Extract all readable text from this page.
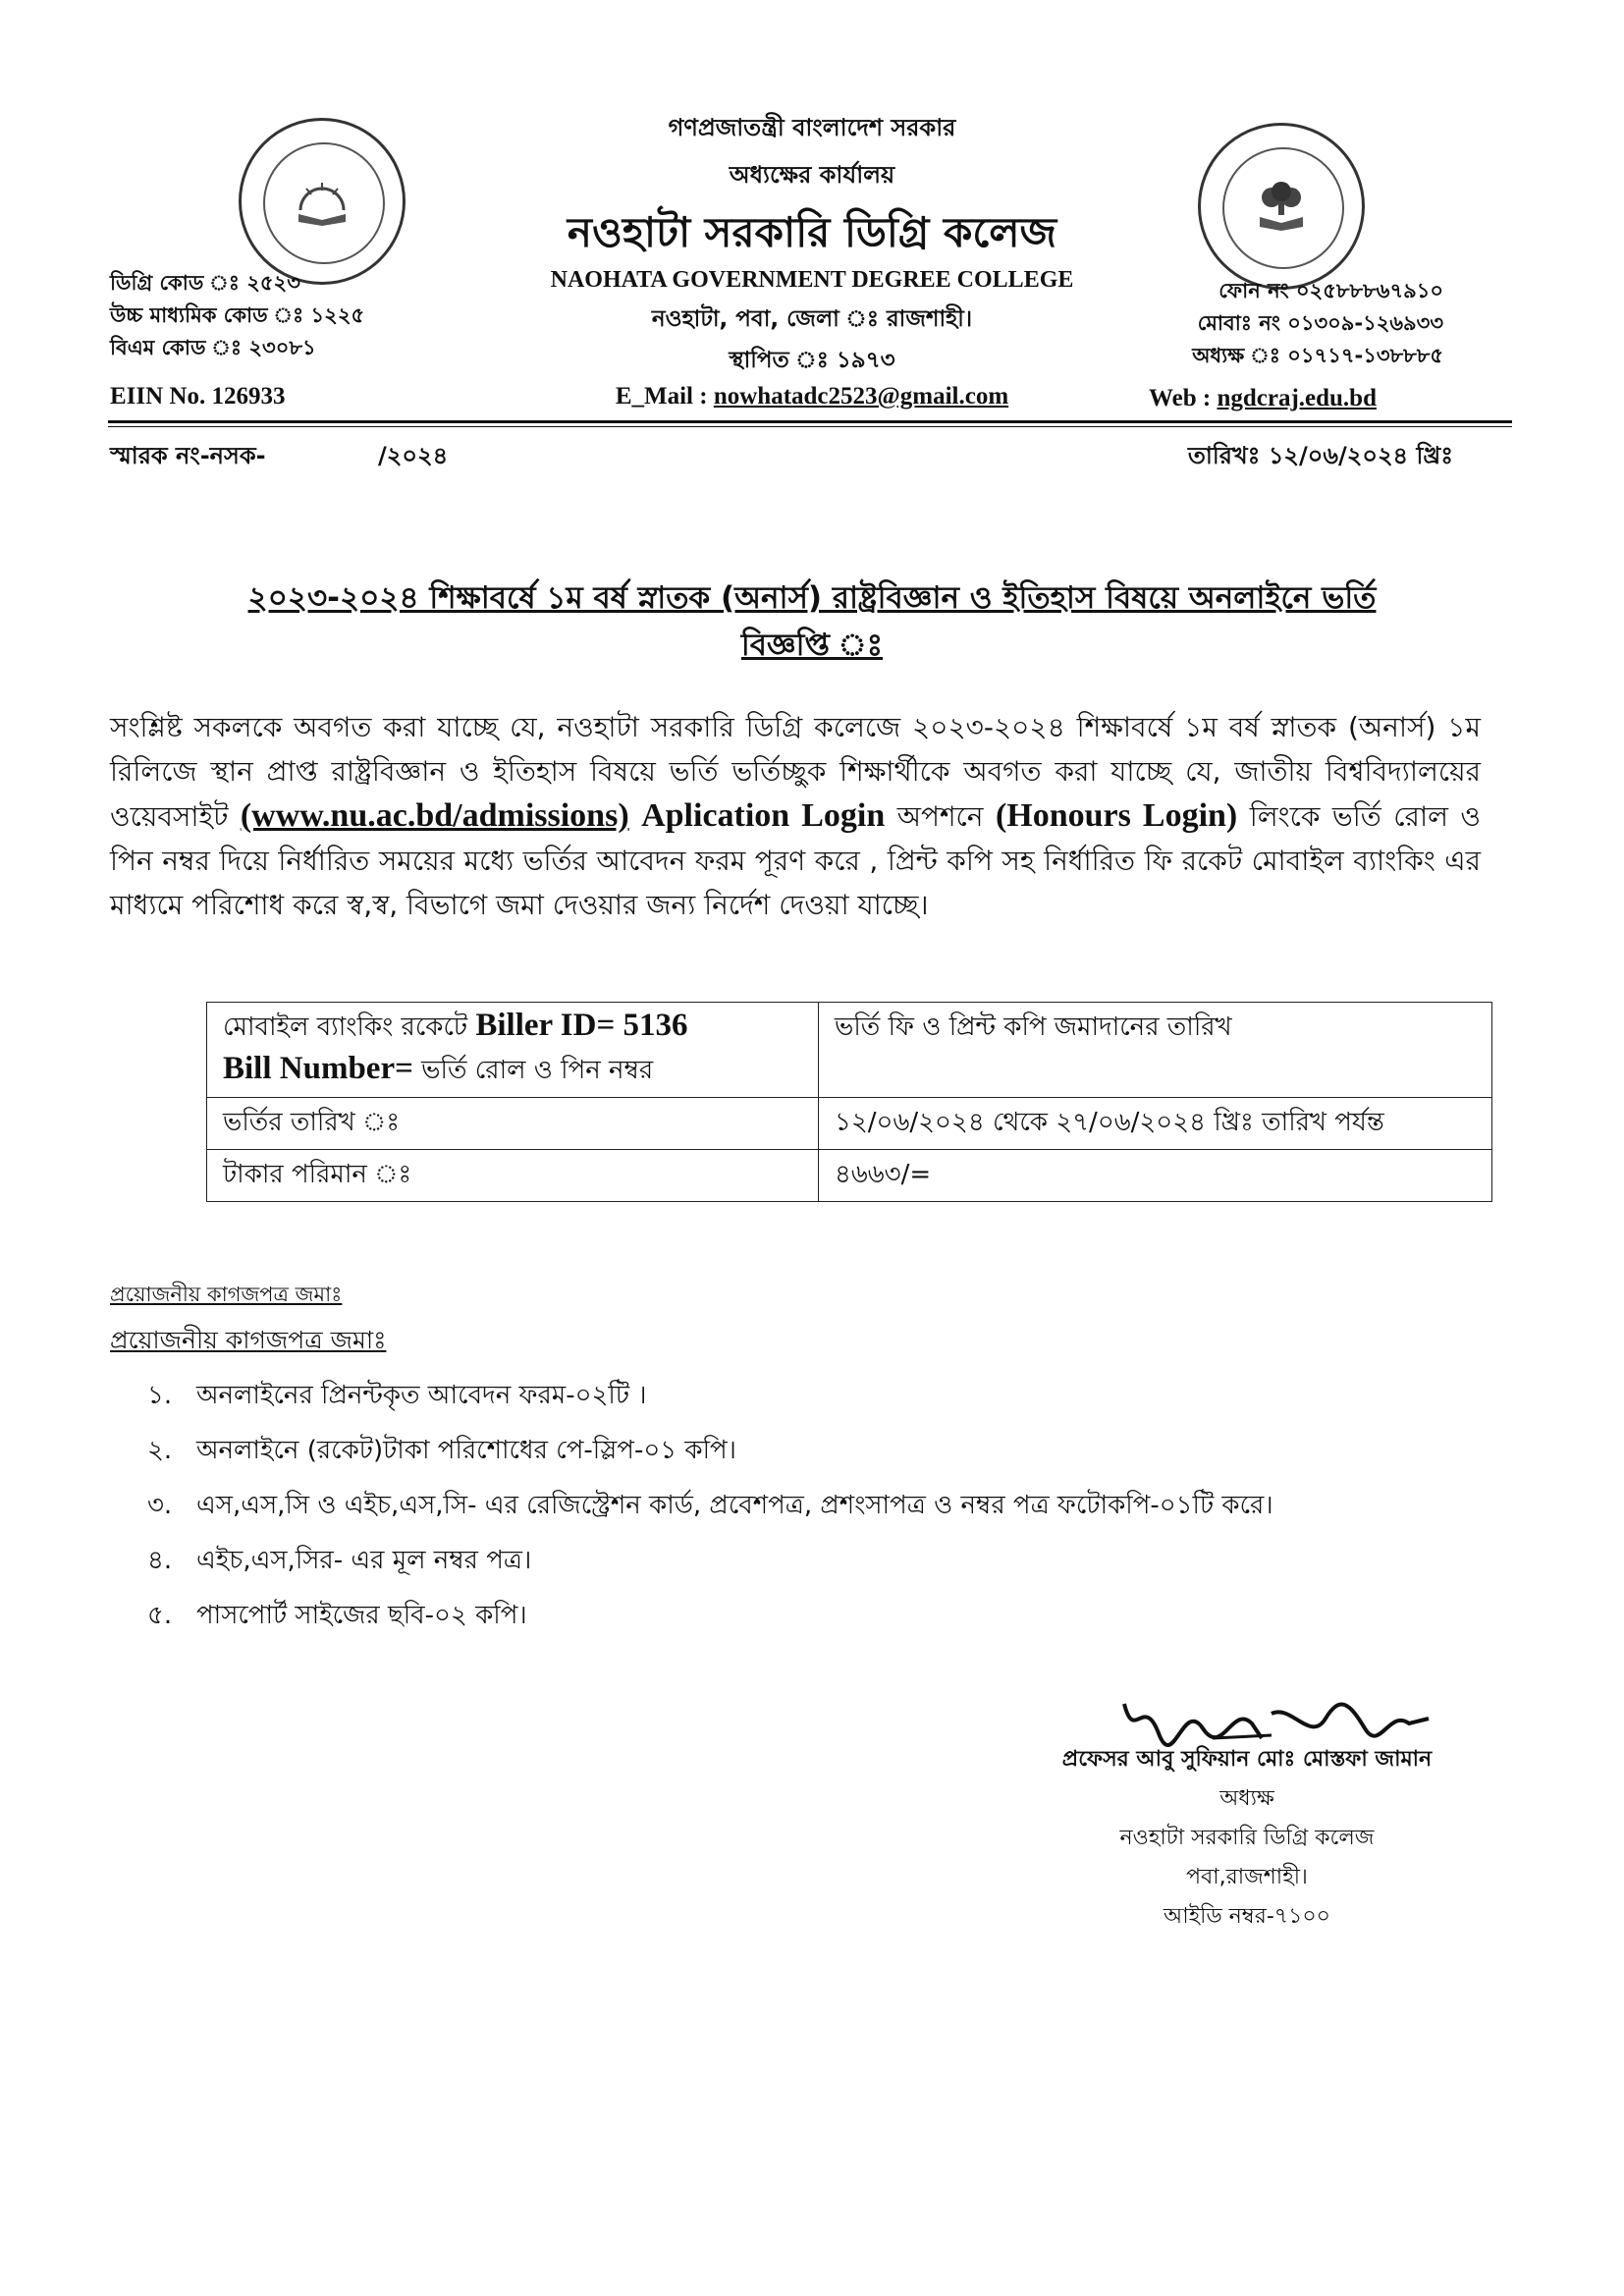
গণপ্রজাতন্ত্রী বাংলাদেশ সরকার
অধ্যক্ষের কার্যালয়
নওহাটা সরকারি ডিগ্রি কলেজ
NAOHATA GOVERNMENT DEGREE COLLEGE
নওহাটা, পবা, জেলা ঃ রাজশাহী।
স্থাপিত ঃ ১৯৭৩
E_Mail : nowhatadc2523@gmail.com
ডিগ্রি কোড ঃ ২৫২৩
উচ্চ মাধ্যমিক কোড ঃ ১২২৫
বিএম কোড ঃ ২৩০৮১
EIIN No. 126933
ফোন নং ০২৫৮৮৮৬৭৯১০
মোবাঃ নং ০১৩০৯-১২৬৯৩৩
অধ্যক্ষ ঃ ০১৭১৭-১৩৮৮৮৫
Web : ngdcraj.edu.bd
স্মারক নং-নসক-	/২০২৪	তারিখঃ ১২/০৬/২০২৪ খ্রিঃ
২০২৩-২০২৪ শিক্ষাবর্ষে ১ম বর্ষ স্নাতক (অনার্স) রাষ্ট্রবিজ্ঞান ও ইতিহাস বিষয়ে অনলাইনে ভর্তি
বিজ্ঞপ্তি ঃ
সংশ্লিষ্ট সকলকে অবগত করা যাচ্ছে যে, নওহাটা সরকারি ডিগ্রি কলেজে ২০২৩-২০২৪ শিক্ষাবর্ষে ১ম বর্ষ স্নাতক (অনার্স) ১ম রিলিজে স্থান প্রাপ্ত রাষ্ট্রবিজ্ঞান ও ইতিহাস বিষয়ে ভর্তি ভর্তিচ্ছুক শিক্ষার্থীকে অবগত করা যাচ্ছে যে, জাতীয় বিশ্ববিদ্যালয়ের ওয়েবসাইট (www.nu.ac.bd/admissions) Aplication Login অপশনে (Honours Login) লিংকে ভর্তি রোল ও পিন নম্বর দিয়ে নির্ধারিত সময়ের মধ্যে ভর্তির আবেদন ফরম পূরণ করে , প্রিন্ট কপি সহ নির্ধারিত ফি রকেট মোবাইল ব্যাংকিং এর মাধ্যমে পরিশোধ করে স্ব,স্ব, বিভাগে জমা দেওয়ার জন্য নির্দেশ দেওয়া যাচ্ছে।
মোবাইল ব্যাংকিং রকেটে Biller ID= 5136
Bill Number= ভর্তি রোল ও পিন নম্বর	ভর্তি ফি ও প্রিন্ট কপি জমাদানের তারিখ
ভর্তির তারিখ	১২/০৬/২০২৪ থেকে ২৭/০৬/২০২৪ খ্রিঃ তারিখ পর্যন্ত
টাকার পরিমান	৪৬৬৩/=
প্রয়োজনীয় কাগজপত্র জমাঃ
প্রয়োজনীয় কাগজপত্র জমাঃ
১. অনলাইনের প্রিনন্টকৃত আবেদন ফরম-০২টি ।
২. অনলাইনে (রকেট)টাকা পরিশোধের পে-স্লিপ-০১ কপি।
৩. এস,এস,সি ও এইচ,এস,সি- এর রেজিস্ট্রেশন কার্ড, প্রবেশপত্র, প্রশংসাপত্র ও নম্বর পত্র ফটোকপি-০১টি করে।
৪. এইচ,এস,সির- এর মূল নম্বর পত্র।
৫. পাসপোর্ট সাইজের ছবি-০২ কপি।
প্রফেসর আবু সুফিয়ান মোঃ মোস্তফা জামান
অধ্যক্ষ
নওহাটা সরকারি ডিগ্রি কলেজ
পবা,রাজশাহী।
আইডি নম্বর-৭১০০
